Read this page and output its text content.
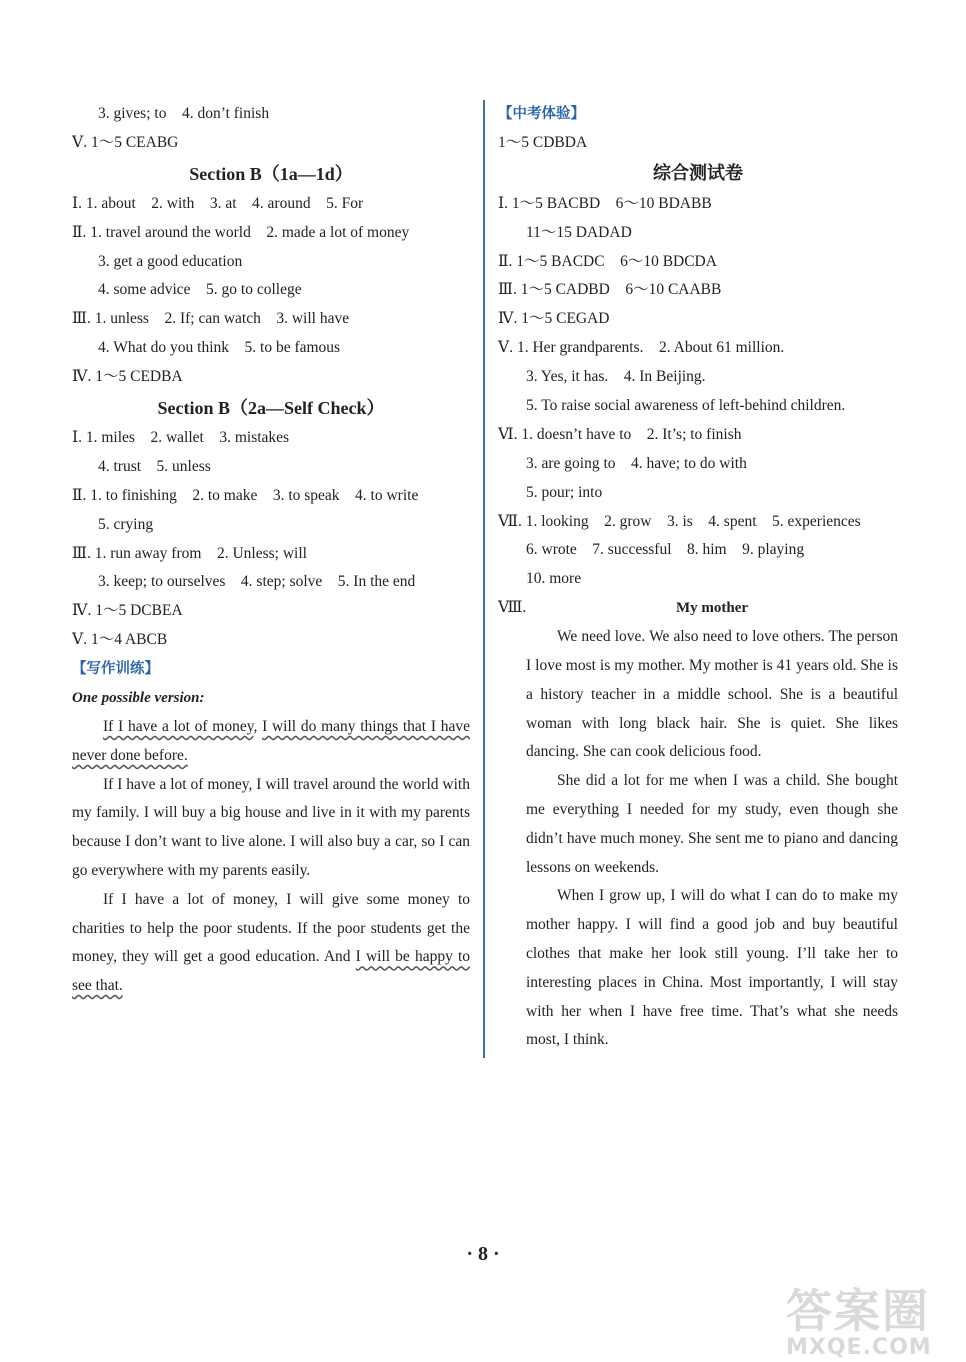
3. gives; to　4. don’t finish
Ⅴ. 1～5 CEABG
Section B（1a—1d）
Ⅰ. 1. about　2. with　3. at　4. around　5. For
Ⅱ. 1. travel around the world　2. made a lot of money
3. get a good education
4. some advice　5. go to college
Ⅲ. 1. unless　2. If; can watch　3. will have
4. What do you think　5. to be famous
Ⅳ. 1～5 CEDBA
Section B（2a—Self Check）
Ⅰ. 1. miles　2. wallet　3. mistakes
4. trust　5. unless
Ⅱ. 1. to finishing　2. to make　3. to speak　4. to write
5. crying
Ⅲ. 1. run away from　2. Unless; will
3. keep; to ourselves　4. step; solve　5. In the end
Ⅳ. 1～5 DCBEA
Ⅴ. 1～4 ABCB
【写作训练】
One possible version:

If I have a lot of money, I will do many things that I have never done before.

If I have a lot of money, I will travel around the world with my family. I will buy a big house and live in it with my parents because I don’t want to live alone. I will also buy a car, so I can go everywhere with my parents easily.

If I have a lot of money, I will give some money to charities to help the poor students. If the poor students get the money, they will get a good education. And I will be happy to see that.

【中考体验】
1～5 CDBDA
综合测试卷
Ⅰ. 1～5 BACBD　6～10 BDABB
11～15 DADAD
Ⅱ. 1～5 BACDC　6～10 BDCDA
Ⅲ. 1～5 CADBD　6～10 CAABB
Ⅳ. 1～5 CEGAD
Ⅴ. 1. Her grandparents.　2. About 61 million.
3. Yes, it has.　4. In Beijing.
5. To raise social awareness of left-behind children.
Ⅵ. 1. doesn’t have to　2. It’s; to finish
3. are going to　4. have; to do with
5. pour; into
Ⅶ. 1. looking　2. grow　3. is　4. spent　5. experiences
6. wrote　7. successful　8. him　9. playing
10. more
Ⅷ.	My mother

We need love. We also need to love others. The person I love most is my mother. My mother is 41 years old. She is a history teacher in a middle school. She is a beautiful woman with long black hair. She is quiet. She likes dancing. She can cook delicious food.

She did a lot for me when I was a child. She bought me everything I needed for my study, even though she didn’t have much money. She sent me to piano and dancing lessons on weekends.

When I grow up, I will do what I can do to make my mother happy. I will find a good job and buy beautiful clothes that make her look still young. I’ll take her to interesting places in China. Most importantly, I will stay with her when I have free time. That’s what she needs most, I think.

· 8 ·
答案圈
MXQE.COM
